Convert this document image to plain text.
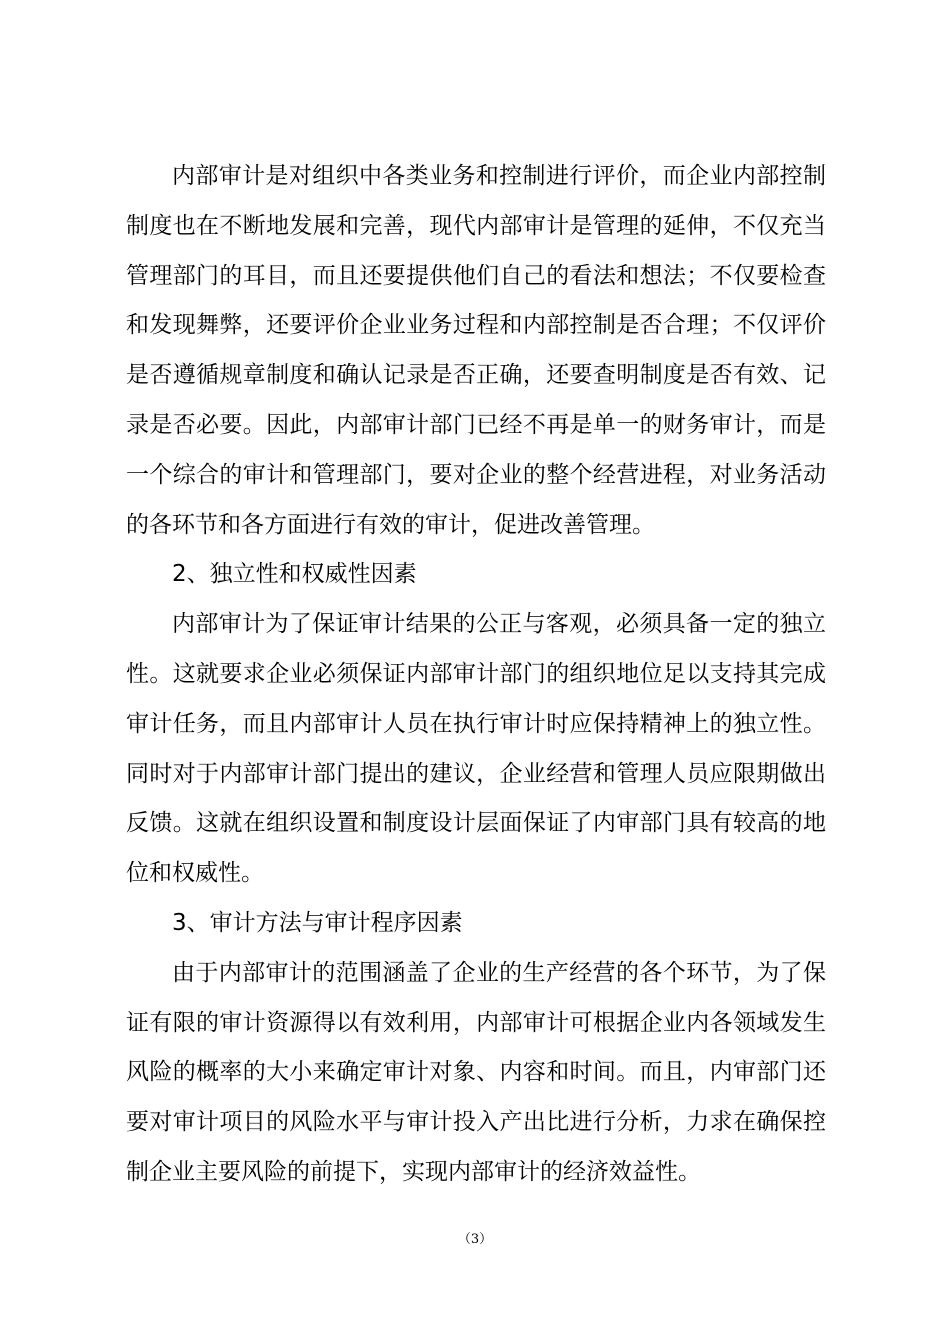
内部审计是对组织中各类业务和控制进行评价，而企业内部控制制度也在不断地发展和完善，现代内部审计是管理的延伸，不仅充当管理部门的耳目，而且还要提供他们自己的看法和想法；不仅要检查和发现舞弊，还要评价企业业务过程和内部控制是否合理；不仅评价是否遵循规章制度和确认记录是否正确，还要查明制度是否有效、记录是否必要。因此，内部审计部门已经不再是单一的财务审计，而是一个综合的审计和管理部门，要对企业的整个经营进程，对业务活动的各环节和各方面进行有效的审计，促进改善管理。

2、独立性和权威性因素

内部审计为了保证审计结果的公正与客观，必须具备一定的独立性。这就要求企业必须保证内部审计部门的组织地位足以支持其完成审计任务，而且内部审计人员在执行审计时应保持精神上的独立性。同时对于内部审计部门提出的建议，企业经营和管理人员应限期做出反馈。这就在组织设置和制度设计层面保证了内审部门具有较高的地位和权威性。

3、审计方法与审计程序因素

由于内部审计的范围涵盖了企业的生产经营的各个环节，为了保证有限的审计资源得以有效利用，内部审计可根据企业内各领域发生风险的概率的大小来确定审计对象、内容和时间。而且，内审部门还要对审计项目的风险水平与审计投入产出比进行分析，力求在确保控制企业主要风险的前提下，实现内部审计的经济效益性。

（3）
